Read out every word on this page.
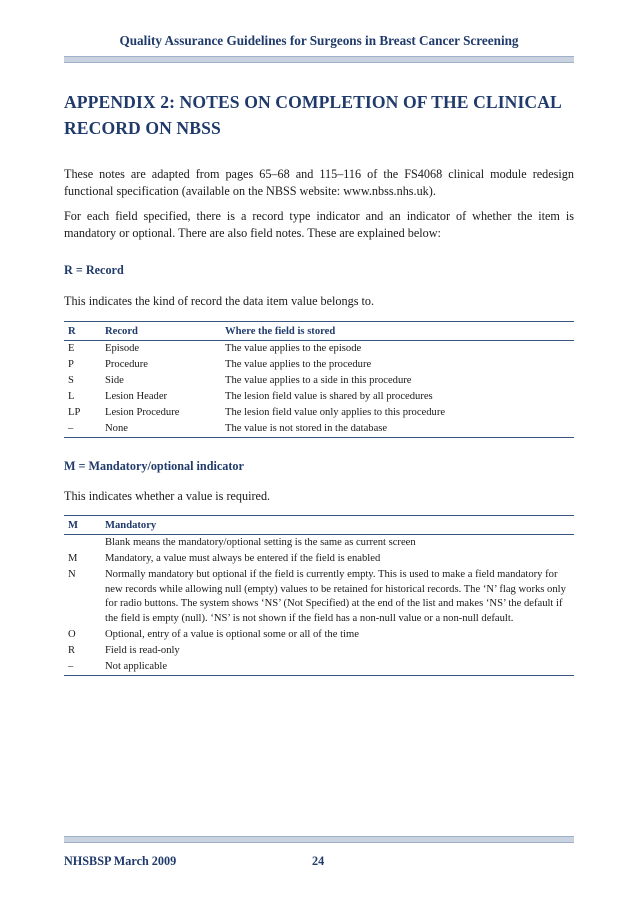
Quality Assurance Guidelines for Surgeons in Breast Cancer Screening
APPENDIX 2: NOTES ON COMPLETION OF THE CLINICAL RECORD ON NBSS
These notes are adapted from pages 65–68 and 115–116 of the FS4068 clinical module redesign functional specification (available on the NBSS website: www.nbss.nhs.uk).
For each field specified, there is a record type indicator and an indicator of whether the item is mandatory or optional. There are also field notes. These are explained below:
R = Record
This indicates the kind of record the data item value belongs to.
R	Record	Where the field is stored
E	Episode	The value applies to the episode
P	Procedure	The value applies to the procedure
S	Side	The value applies to a side in this procedure
L	Lesion Header	The lesion field value is shared by all procedures
LP	Lesion Procedure	The lesion field value only applies to this procedure
–	None	The value is not stored in the database
M = Mandatory/optional indicator
This indicates whether a value is required.
M	Mandatory
	Blank means the mandatory/optional setting is the same as current screen
M	Mandatory, a value must always be entered if the field is enabled
N	Normally mandatory but optional if the field is currently empty. This is used to make a field mandatory for new records while allowing null (empty) values to be retained for historical records. The ‘N’ flag works only for radio buttons. The system shows ‘NS’ (Not Specified) at the end of the list and makes ‘NS’ the default if the field is empty (null). ‘NS’ is not shown if the field has a non-null value or a non-null default.
O	Optional, entry of a value is optional some or all of the time
R	Field is read-only
–	Not applicable
NHSBSP March 2009	24
